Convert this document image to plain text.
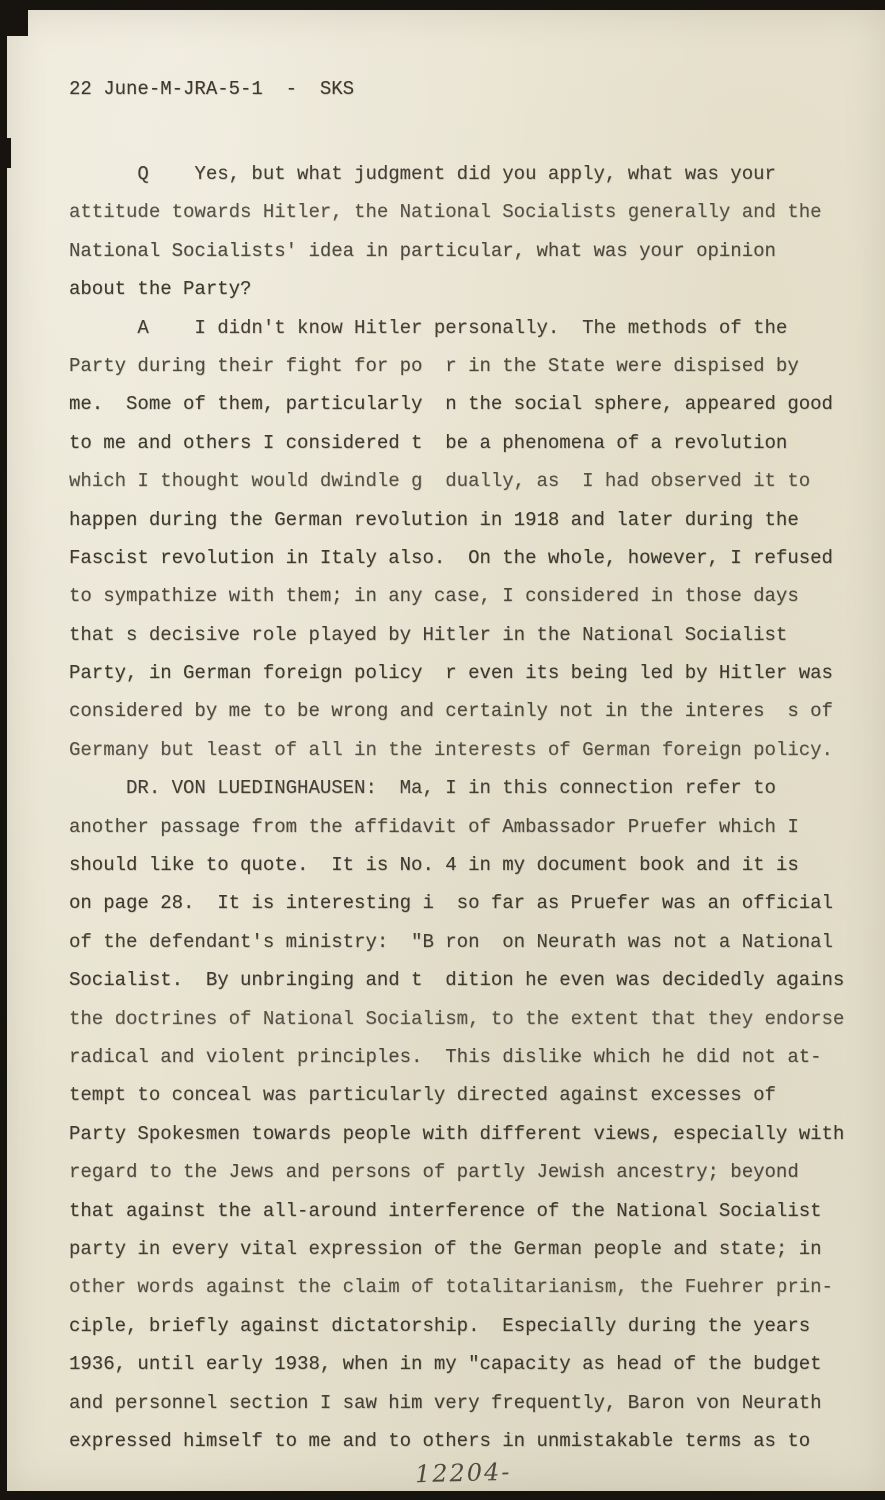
22 June-M-JRA-5-1  -  SKS
Q    Yes, but what judgment did you apply, what was your
attitude towards Hitler, the National Socialists generally and the
National Socialists' idea in particular, what was your opinion
about the Party?
A    I didn't know Hitler personally.  The methods of the
Party during their fight for po  r in the State were dispised by
me.  Some of them, particularly  n the social sphere, appeared good
to me and others I considered t  be a phenomena of a revolution
which I thought would dwindle g  dually, as  I had observed it to
happen during the German revolution in 1918 and later during the
Fascist revolution in Italy also.  On the whole, however, I refused
to sympathize with them; in any case, I considered in those days
that s decisive role played by Hitler in the National Socialist
Party, in German foreign policy  r even its being led by Hitler was
considered by me to be wrong and certainly not in the interes  s of
Germany but least of all in the interests of German foreign policy.
DR. VON LUEDINGHAUSEN:  Ma, I in this connection refer to
another passage from the affidavit of Ambassador Pruefer which I
should like to quote.  It is No. 4 in my document book and it is
on page 28.  It is interesting i  so far as Pruefer was an official
of the defendant's ministry:  "B ron  on Neurath was not a National
Socialist.  By unbringing and t  dition he even was decidedly agains
the doctrines of National Socialism, to the extent that they endorse
radical and violent principles.  This dislike which he did not at-
tempt to conceal was particularly directed against excesses of
Party Spokesmen towards people with different views, especially with
regard to the Jews and persons of partly Jewish ancestry; beyond
that against the all-around interference of the National Socialist
party in every vital expression of the German people and state; in
other words against the claim of totalitarianism, the Fuehrer prin-
ciple, briefly against dictatorship.  Especially during the years
1936, until early 1938, when in my "capacity as head of the budget
and personnel section I saw him very frequently, Baron von Neurath
expressed himself to me and to others in unmistakable terms as to
12204-
